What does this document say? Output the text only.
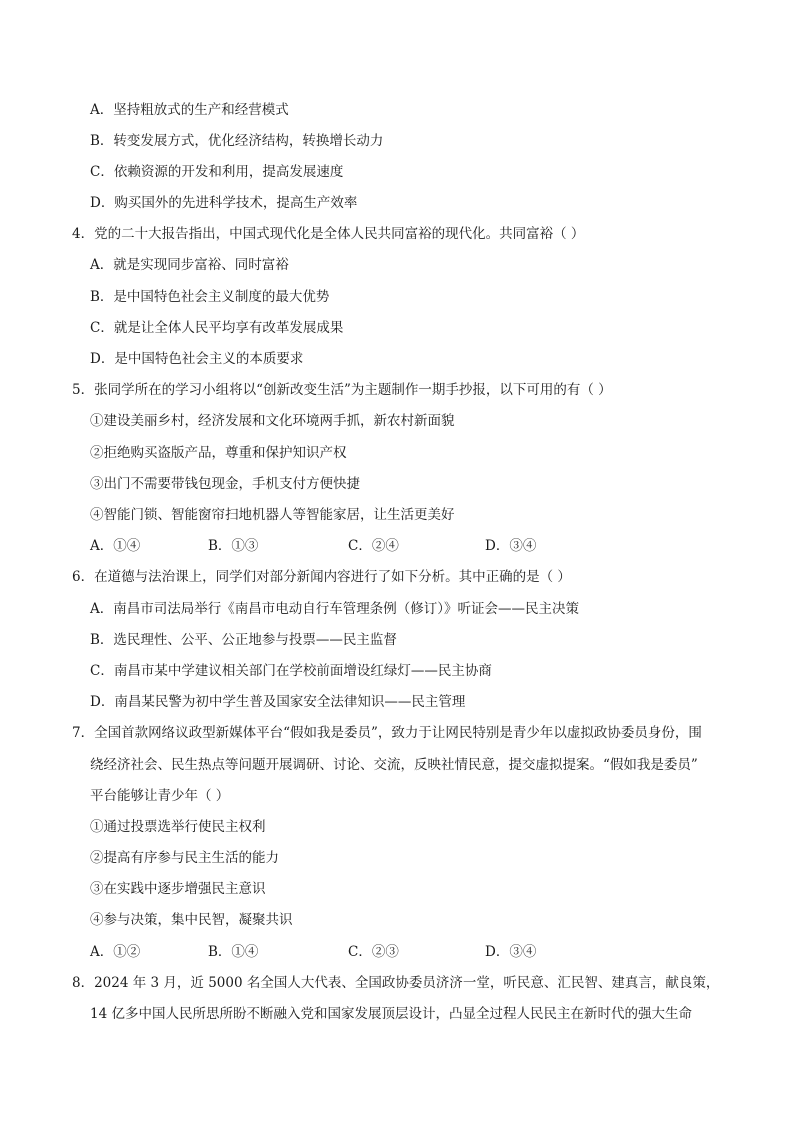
A．坚持粗放式的生产和经营模式
B．转变发展方式，优化经济结构，转换增长动力
C．依赖资源的开发和利用，提高发展速度
D．购买国外的先进科学技术，提高生产效率
4．党的二十大报告指出，中国式现代化是全体人民共同富裕的现代化。共同富裕（ ）
A．就是实现同步富裕、同时富裕
B．是中国特色社会主义制度的最大优势
C．就是让全体人民平均享有改革发展成果
D．是中国特色社会主义的本质要求
5．张同学所在的学习小组将以“创新改变生活”为主题制作一期手抄报，以下可用的有（ ）
①建设美丽乡村，经济发展和文化环境两手抓，新农村新面貌
②拒绝购买盗版产品，尊重和保护知识产权
③出门不需要带钱包现金，手机支付方便快捷
④智能门锁、智能窗帘扫地机器人等智能家居，让生活更美好
A．①④	B．①③	C．②④	D．③④
6．在道德与法治课上，同学们对部分新闻内容进行了如下分析。其中正确的是（ ）
A．南昌市司法局举行《南昌市电动自行车管理条例（修订）》听证会——民主决策
B．选民理性、公平、公正地参与投票——民主监督
C．南昌市某中学建议相关部门在学校前面增设红绿灯——民主协商
D．南昌某民警为初中学生普及国家安全法律知识——民主管理
7．全国首款网络议政型新媒体平台“假如我是委员”，致力于让网民特别是青少年以虚拟政协委员身份，围
绕经济社会、民生热点等问题开展调研、讨论、交流，反映社情民意，提交虚拟提案。“假如我是委员”
平台能够让青少年（ ）
①通过投票选举行使民主权利
②提高有序参与民主生活的能力
③在实践中逐步增强民主意识
④参与决策，集中民智，凝聚共识
A．①②	B．①④	C．②③	D．③④
8．2024 年 3 月，近 5000 名全国人大代表、全国政协委员济济一堂，听民意、汇民智、建真言，献良策，
14 亿多中国人民所思所盼不断融入党和国家发展顶层设计，凸显全过程人民民主在新时代的强大生命
